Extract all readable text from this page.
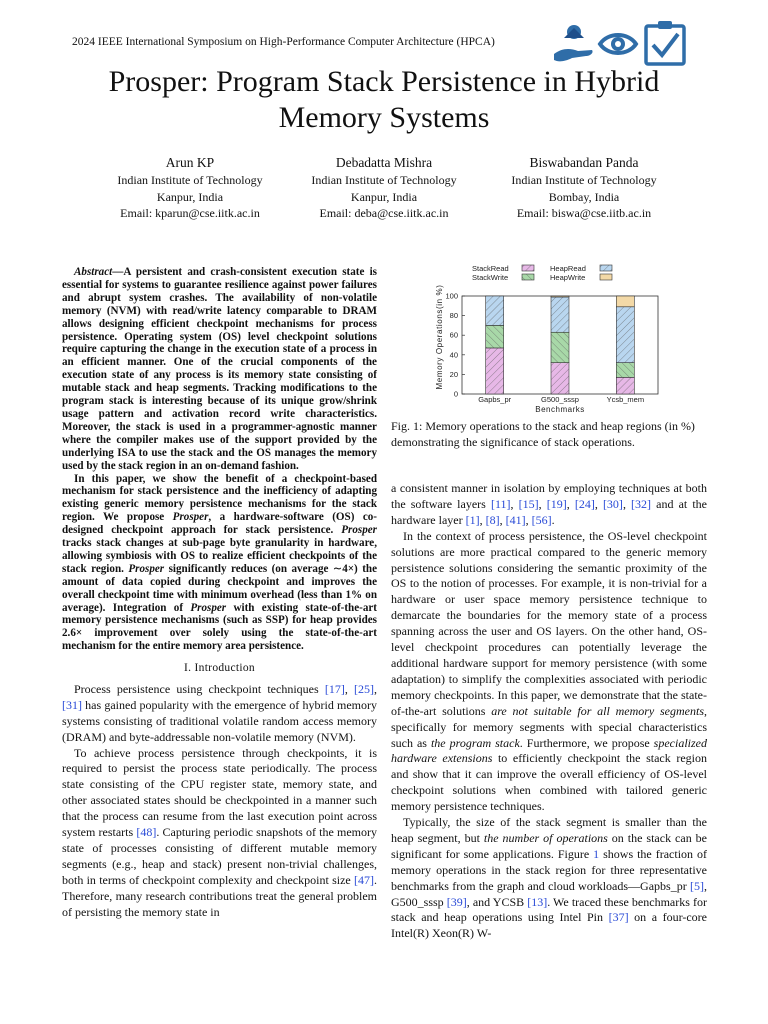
2024 IEEE International Symposium on High-Performance Computer Architecture (HPCA)
Prosper: Program Stack Persistence in Hybrid Memory Systems
Arun KP
Indian Institute of Technology
Kanpur, India
Email: kparun@cse.iitk.ac.in
Debadatta Mishra
Indian Institute of Technology
Kanpur, India
Email: deba@cse.iitk.ac.in
Biswabandan Panda
Indian Institute of Technology
Bombay, India
Email: biswa@cse.iitb.ac.in

Abstract—A persistent and crash-consistent execution state is essential for systems to guarantee resilience against power failures and abrupt system crashes. The availability of non-volatile memory (NVM) with read/write latency comparable to DRAM allows designing efficient checkpoint mechanisms for process persistence. Operating system (OS) level checkpoint solutions require capturing the change in the execution state of a process in an efficient manner. One of the crucial components of the execution state of any process is its memory state consisting of mutable stack and heap segments. Tracking modifications to the program stack is interesting because of its unique grow/shrink usage pattern and activation record write characteristics. Moreover, the stack is used in a programmer-agnostic manner where the compiler makes use of the support provided by the underlying ISA to use the stack and the OS manages the memory used by the stack region in an on-demand fashion.

In this paper, we show the benefit of a checkpoint-based mechanism for stack persistence and the inefficiency of adapting existing generic memory persistence mechanisms for the stack region. We propose Prosper, a hardware-software (OS) co-designed checkpoint approach for stack persistence. Prosper tracks stack changes at sub-page byte granularity in hardware, allowing symbiosis with OS to realize efficient checkpoints of the stack region. Prosper significantly reduces (on average ∼4×) the amount of data copied during checkpoint and improves the overall checkpoint time with minimum overhead (less than 1% on average). Integration of Prosper with existing state-of-the-art memory persistence mechanisms (such as SSP) for heap provides 2.6× improvement over solely using the state-of-the-art mechanism for the entire memory area persistence.

I. Introduction

Process persistence using checkpoint techniques [17], [25], [31] has gained popularity with the emergence of hybrid memory systems consisting of traditional volatile random access memory (DRAM) and byte-addressable non-volatile memory (NVM).

To achieve process persistence through checkpoints, it is required to persist the process state periodically. The process state consisting of the CPU register state, memory state, and other associated states should be checkpointed in a manner such that the process can resume from the last execution point across system restarts [48]. Capturing periodic snapshots of the memory state of processes consisting of different mutable memory segments (e.g., heap and stack) present non-trivial challenges, both in terms of checkpoint complexity and checkpoint size [47]. Therefore, many research contributions treat the general problem of persisting the memory state in

0
20
40
60
80
100
Gapbs_pr	G500_sssp	Ycsb_mem
Benchmarks
Memory Operations(in %)
StackRead
StackWrite
HeapRead
HeapWrite
Fig. 1: Memory operations to the stack and heap regions (in %) demonstrating the significance of stack operations.

a consistent manner in isolation by employing techniques at both the software layers [11], [15], [19], [24], [30], [32] and at the hardware layer [1], [8], [41], [56].

In the context of process persistence, the OS-level checkpoint solutions are more practical compared to the generic memory persistence solutions considering the semantic proximity of the OS to the notion of processes. For example, it is non-trivial for a hardware or user space memory persistence technique to demarcate the boundaries for the memory state of a process spanning across the user and OS layers. On the other hand, OS-level checkpoint procedures can potentially leverage the additional hardware support for memory persistence (with some adaptation) to simplify the complexities associated with periodic memory checkpoints. In this paper, we demonstrate that the state-of-the-art solutions are not suitable for all memory segments, specifically for memory segments with special characteristics such as the program stack. Furthermore, we propose specialized hardware extensions to efficiently checkpoint the stack region and show that it can improve the overall efficiency of OS-level checkpoint solutions when combined with tailored generic memory persistence techniques.

Typically, the size of the stack segment is smaller than the heap segment, but the number of operations on the stack can be significant for some applications. Figure 1 shows the fraction of memory operations in the stack region for three representative benchmarks from the graph and cloud workloads—Gapbs_pr [5], G500_sssp [39], and YCSB [13]. We traced these benchmarks for stack and heap operations using Intel Pin [37] on a four-core Intel(R) Xeon(R) W-
